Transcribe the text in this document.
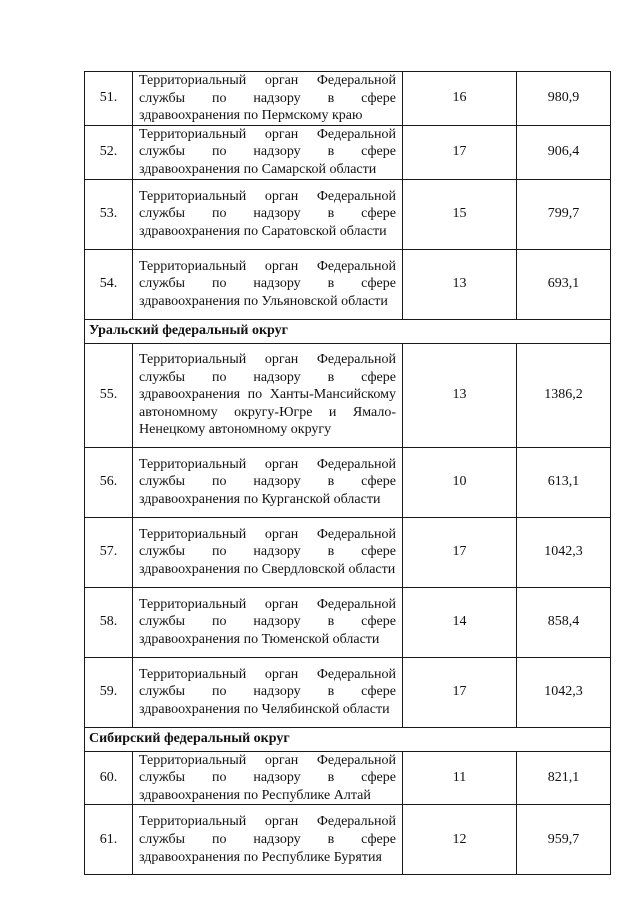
51.	Территориальный орган Федеральной службы по надзору в сфере здравоохранения по Пермскому краю	16	980,9
52.	Территориальный орган Федеральной службы по надзору в сфере здравоохранения по Самарской области	17	906,4
53.	Территориальный орган Федеральной службы по надзору в сфере здравоохранения по Саратовской области	15	799,7
54.	Территориальный орган Федеральной службы по надзору в сфере здравоохранения по Ульяновской области	13	693,1
Уральский федеральный округ			
55.	Территориальный орган Федеральной службы по надзору в сфере здравоохранения по Ханты-Мансийскому автономному округу-Югре и Ямало-Ненецкому автономному округу	13	1386,2
56.	Территориальный орган Федеральной службы по надзору в сфере здравоохранения по Курганской области	10	613,1
57.	Территориальный орган Федеральной службы по надзору в сфере здравоохранения по Свердловской области	17	1042,3
58.	Территориальный орган Федеральной службы по надзору в сфере здравоохранения по Тюменской области	14	858,4
59.	Территориальный орган Федеральной службы по надзору в сфере здравоохранения по Челябинской области	17	1042,3
Сибирский федеральный округ			
60.	Территориальный орган Федеральной службы по надзору в сфере здравоохранения по Республике Алтай	11	821,1
61.	Территориальный орган Федеральной службы по надзору в сфере здравоохранения по Республике Бурятия	12	959,7
